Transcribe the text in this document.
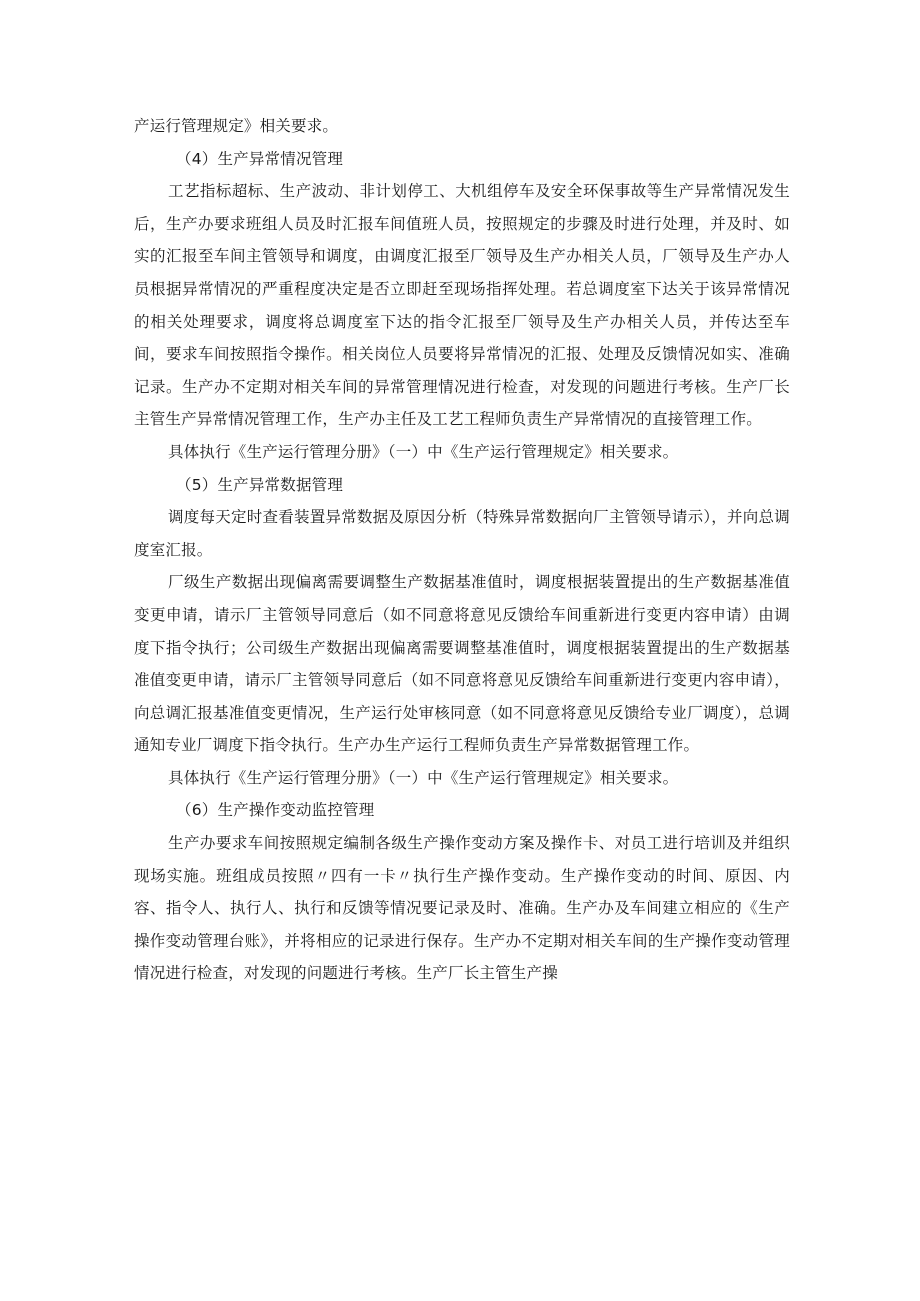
产运行管理规定》相关要求。

（4）生产异常情况管理

工艺指标超标、生产波动、非计划停工、大机组停车及安全环保事故等生产异常情况发生后，生产办要求班组人员及时汇报车间值班人员，按照规定的步骤及时进行处理，并及时、如实的汇报至车间主管领导和调度，由调度汇报至厂领导及生产办相关人员，厂领导及生产办人员根据异常情况的严重程度决定是否立即赶至现场指挥处理。若总调度室下达关于该异常情况的相关处理要求，调度将总调度室下达的指令汇报至厂领导及生产办相关人员，并传达至车间，要求车间按照指令操作。相关岗位人员要将异常情况的汇报、处理及反馈情况如实、准确记录。生产办不定期对相关车间的异常管理情况进行检查，对发现的问题进行考核。生产厂长主管生产异常情况管理工作，生产办主任及工艺工程师负责生产异常情况的直接管理工作。

具体执行《生产运行管理分册》（一）中《生产运行管理规定》相关要求。

（5）生产异常数据管理

调度每天定时查看装置异常数据及原因分析（特殊异常数据向厂主管领导请示），并向总调度室汇报。

厂级生产数据出现偏离需要调整生产数据基准值时，调度根据装置提出的生产数据基准值变更申请，请示厂主管领导同意后（如不同意将意见反馈给车间重新进行变更内容申请）由调度下指令执行；公司级生产数据出现偏离需要调整基准值时，调度根据装置提出的生产数据基准值变更申请，请示厂主管领导同意后（如不同意将意见反馈给车间重新进行变更内容申请），向总调汇报基准值变更情况，生产运行处审核同意（如不同意将意见反馈给专业厂调度），总调通知专业厂调度下指令执行。生产办生产运行工程师负责生产异常数据管理工作。

具体执行《生产运行管理分册》（一）中《生产运行管理规定》相关要求。

（6）生产操作变动监控管理

生产办要求车间按照规定编制各级生产操作变动方案及操作卡、对员工进行培训及并组织现场实施。班组成员按照〃四有一卡〃执行生产操作变动。生产操作变动的时间、原因、内容、指令人、执行人、执行和反馈等情况要记录及时、准确。生产办及车间建立相应的《生产操作变动管理台账》，并将相应的记录进行保存。生产办不定期对相关车间的生产操作变动管理情况进行检查，对发现的问题进行考核。生产厂长主管生产操
